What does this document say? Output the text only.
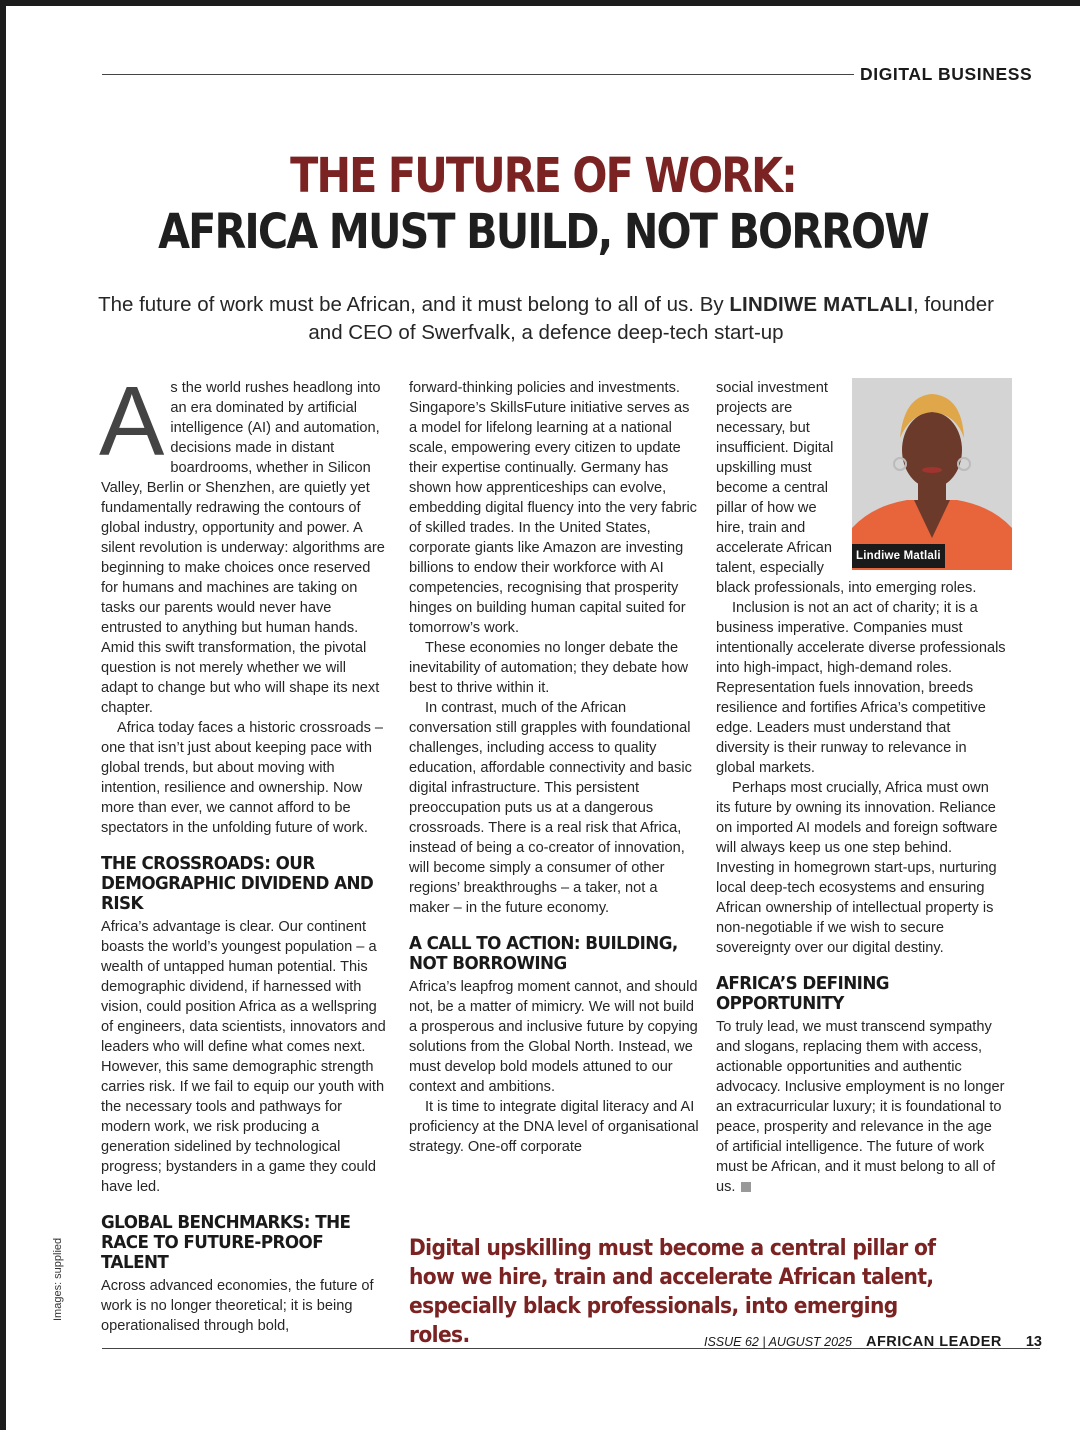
DIGITAL BUSINESS
THE FUTURE OF WORK:
AFRICA MUST BUILD, NOT BORROW
The future of work must be African, and it must belong to all of us. By LINDIWE MATLALI, founder and CEO of Swerfvalk, a defence deep-tech start-up

As the world rushes headlong into an era dominated by artificial intelligence (AI) and automation, decisions made in distant boardrooms, whether in Silicon Valley, Berlin or Shenzhen, are quietly yet fundamentally redrawing the contours of global industry, opportunity and power. A silent revolution is underway: algorithms are beginning to make choices once reserved for humans and machines are taking on tasks our parents would never have entrusted to anything but human hands. Amid this swift transformation, the pivotal question is not merely whether we will adapt to change but who will shape its next chapter.

Africa today faces a historic crossroads – one that isn’t just about keeping pace with global trends, but about moving with intention, resilience and ownership. Now more than ever, we cannot afford to be spectators in the unfolding future of work.

THE CROSSROADS: OUR DEMOGRAPHIC DIVIDEND AND RISK

Africa’s advantage is clear. Our continent boasts the world’s youngest population – a wealth of untapped human potential. This demographic dividend, if harnessed with vision, could position Africa as a wellspring of engineers, data scientists, innovators and leaders who will define what comes next. However, this same demographic strength carries risk. If we fail to equip our youth with the necessary tools and pathways for modern work, we risk producing a generation sidelined by technological progress; bystanders in a game they could have led.

GLOBAL BENCHMARKS: THE RACE TO FUTURE-PROOF TALENT

Across advanced economies, the future of work is no longer theoretical; it is being operationalised through bold,

forward-thinking policies and investments. Singapore’s SkillsFuture initiative serves as a model for lifelong learning at a national scale, empowering every citizen to update their expertise continually. Germany has shown how apprenticeships can evolve, embedding digital fluency into the very fabric of skilled trades. In the United States, corporate giants like Amazon are investing billions to endow their workforce with AI competencies, recognising that prosperity hinges on building human capital suited for tomorrow’s work.

These economies no longer debate the inevitability of automation; they debate how best to thrive within it.

In contrast, much of the African conversation still grapples with foundational challenges, including access to quality education, affordable connectivity and basic digital infrastructure. This persistent preoccupation puts us at a dangerous crossroads. There is a real risk that Africa, instead of being a co-creator of innovation, will become simply a consumer of other regions’ breakthroughs – a taker, not a maker – in the future economy.

A CALL TO ACTION: BUILDING, NOT BORROWING

Africa’s leapfrog moment cannot, and should not, be a matter of mimicry. We will not build a prosperous and inclusive future by copying solutions from the Global North. Instead, we must develop bold models attuned to our context and ambitions.

It is time to integrate digital literacy and AI proficiency at the DNA level of organisational strategy. One-off corporate

Lindiwe Matlali

social investment projects are necessary, but insufficient. Digital upskilling must become a central pillar of how we hire, train and accelerate African talent, especially black professionals, into emerging roles.

Inclusion is not an act of charity; it is a business imperative. Companies must intentionally accelerate diverse professionals into high-impact, high-demand roles. Representation fuels innovation, breeds resilience and fortifies Africa’s competitive edge. Leaders must understand that diversity is their runway to relevance in global markets.

Perhaps most crucially, Africa must own its future by owning its innovation. Reliance on imported AI models and foreign software will always keep us one step behind. Investing in homegrown start-ups, nurturing local deep-tech ecosystems and ensuring African ownership of intellectual property is non-negotiable if we wish to secure sovereignty over our digital destiny.

AFRICA’S DEFINING OPPORTUNITY

To truly lead, we must transcend sympathy and slogans, replacing them with access, actionable opportunities and authentic advocacy. Inclusive employment is no longer an extracurricular luxury; it is foundational to peace, prosperity and relevance in the age of artificial intelligence. The future of work must be African, and it must belong to all of us.

Digital upskilling must become a central pillar of how we hire, train and accelerate African talent, especially black professionals, into emerging roles.
Images: supplied
ISSUE 62 | AUGUST 2025 AFRICAN LEADER 13
